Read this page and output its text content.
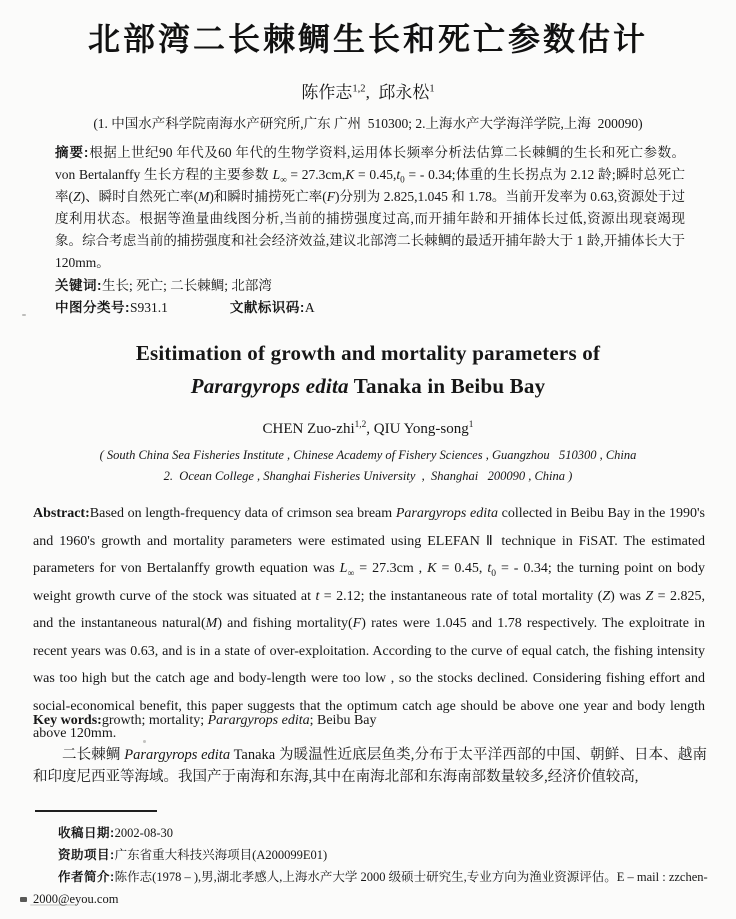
北部湾二长棘鲷生长和死亡参数估计
陈作志$^{1,2}$,  邱永松$^1$
(1. 中国水产科学院南海水产研究所,广东 广州  510300; 2.上海水产大学海洋学院,上海  200090)
摘要:根据上世纪90 年代及60 年代的生物学资料,运用体长频率分析法估算二长棘鲷的生长和死亡参数。von Bertalanffy 生长方程的主要参数 $L_\infty = 27.3cm,K = 0.45,t_0$ = - 0.34;体重的生长拐点为 2.12 龄;瞬时总死亡率(Z)、瞬时自然死亡率(M)和瞬时捕捞死亡率(F)分别为 2.825,1.045 和 1.78。当前开发率为 0.63,资源处于过度利用状态。根据等渔量曲线图分析,当前的捕捞强度过高,而开捕年龄和开捕体长过低,资源出现衰竭现象。综合考虑当前的捕捞强度和社会经济效益,建议北部湾二长棘鲷的最适开捕年龄大于 1 龄,开捕体长大于120mm。
关键词:生长; 死亡; 二长棘鲷; 北部湾
中图分类号:S931.1	文献标识码:A
Esitimation of growth and mortality parameters of
Parargyrops edita Tanaka in Beibu Bay
CHEN Zuo-zhi$^{1,2}$, QIU Yong-song$^1$
( South China Sea Fisheries Institute , Chinese Academy of Fishery Sciences , Guangzhou   510300 , China
2.  Ocean College , Shanghai Fisheries University  ,  Shanghai   200090 , China )
Abstract:Based on length-frequency data of crimson sea bream Parargyrops edita collected in Beibu Bay in the 1990's and 1960's growth and mortality parameters were estimated using ELEFAN Ⅱ technique in FiSAT. The estimated parameters for von Bertalanffy growth equation was $L_\infty = 27.3cm$ , K = 0.45, $t_0$ = - 0.34; the turning point on body weight growth curve of the stock was situated at t = 2.12; the instantaneous rate of total mortality (Z) was Z = 2.825, and the instantaneous natural(M) and fishing mortality(F) rates were 1.045 and 1.78 respectively. The exploitrate in recent years was 0.63, and is in a state of over-exploitation. According to the curve of equal catch, the fishing intensity was too high but the catch age and body-length were too low , so the stocks declined. Considering fishing effort and social-economical benefit, this paper suggests that the optimum catch age should be above one year and body length above 120mm.
Key words:growth; mortality; Parargyrops edita; Beibu Bay
二长棘鲷 Parargyrops edita Tanaka 为暖温性近底层鱼类,分布于太平洋西部的中国、朝鲜、日本、越南和印度尼西亚等海域。我国产于南海和东海,其中在南海北部和东海南部数量较多,经济价值较高,
收稿日期:2002-08-30
资助项目:广东省重大科技兴海项目(A200099E01)
作者简介:陈作志(1978 – ),男,湖北孝感人,上海水产大学 2000 级硕士研究生,专业方向为渔业资源评估。E – mail : zzchen-2000@eyou.com
